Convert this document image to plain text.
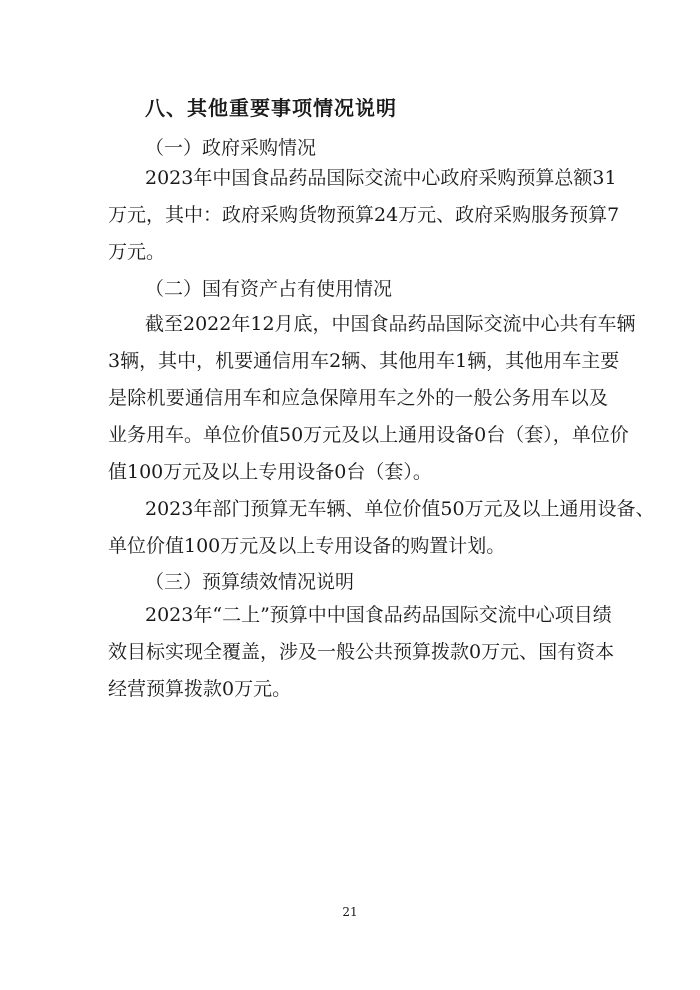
八、其他重要事项情况说明

（一）政府采购情况

2023年中国食品药品国际交流中心政府采购预算总额31
万元，其中：政府采购货物预算24万元、政府采购服务预算7
万元。

（二）国有资产占有使用情况

截至2022年12月底，中国食品药品国际交流中心共有车辆
3辆，其中，机要通信用车2辆、其他用车1辆，其他用车主要
是除机要通信用车和应急保障用车之外的一般公务用车以及
业务用车。单位价值50万元及以上通用设备0台（套），单位价
值100万元及以上专用设备0台（套）。
2023年部门预算无车辆、单位价值50万元及以上通用设备、
单位价值100万元及以上专用设备的购置计划。

（三）预算绩效情况说明

2023年“二上”预算中中国食品药品国际交流中心项目绩
效目标实现全覆盖，涉及一般公共预算拨款0万元、国有资本
经营预算拨款0万元。

21
